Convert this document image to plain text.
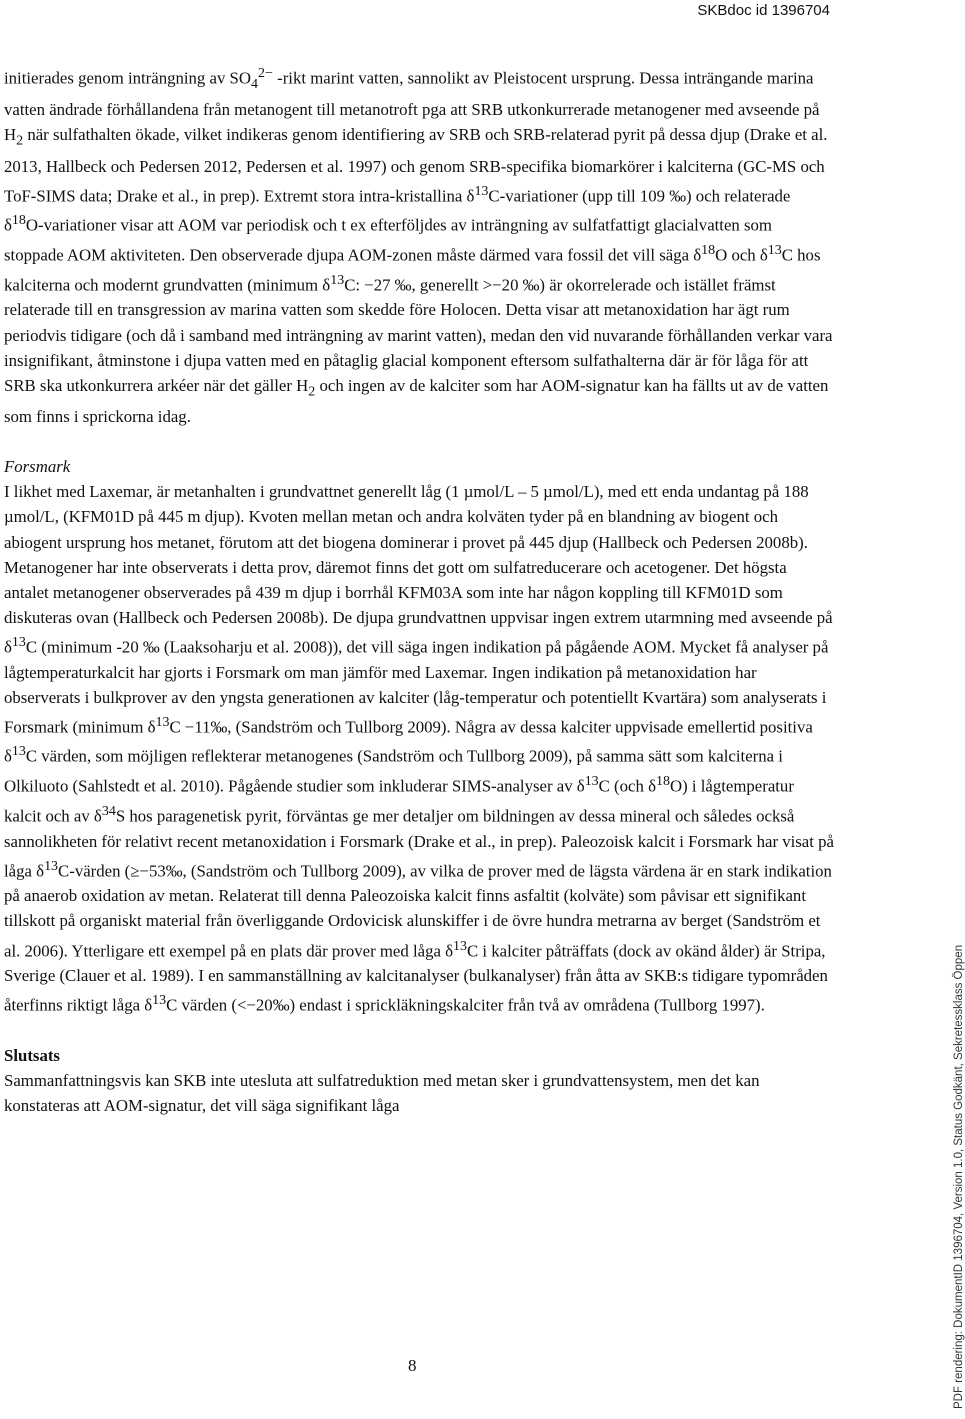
SKBdoc id 1396704

initierades genom inträngning av $SO_4^{2-}$ -rikt marint vatten, sannolikt av Pleistocent ursprung. Dessa inträngande marina vatten ändrade förhållandena från metanogent till metanotroft pga att SRB utkonkurrerade metanogener med avseende på $H_2$ när sulfathalten ökade, vilket indikeras genom identifiering av SRB och SRB-relaterad pyrit på dessa djup (Drake et al. 2013, Hallbeck och Pedersen 2012, Pedersen et al. 1997) och genom SRB-specifika biomarkörer i kalciterna (GC-MS och ToF-SIMS data; Drake et al., in prep). Extremt stora intra-kristallina $\delta^{13}C$-variationer (upp till 109 ‰) och relaterade $\delta^{18}O$-variationer visar att AOM var periodisk och t ex efterföljdes av inträngning av sulfatfattigt glacialvatten som stoppade AOM aktiviteten. Den observerade djupa AOM-zonen måste därmed vara fossil det vill säga $\delta^{18}O$ och $\delta^{13}C$ hos kalciterna och modernt grundvatten (minimum $\delta^{13}C$: −27 ‰, generellt >−20 ‰) är okorrelerade och istället främst relaterade till en transgression av marina vatten som skedde före Holocen. Detta visar att metanoxidation har ägt rum periodvis tidigare (och då i samband med inträngning av marint vatten), medan den vid nuvarande förhållanden verkar vara insignifikant, åtminstone i djupa vatten med en påtaglig glacial komponent eftersom sulfathalterna där är för låga för att SRB ska utkonkurrera arkéer när det gäller $H_2$ och ingen av de kalciter som har AOM-signatur kan ha fällts ut av de vatten som finns i sprickorna idag.

Forsmark

I likhet med Laxemar, är metanhalten i grundvattnet generellt låg (1 µmol/L – 5 µmol/L), med ett enda undantag på 188 µmol/L, (KFM01D på 445 m djup). Kvoten mellan metan och andra kolväten tyder på en blandning av biogent och abiogent ursprung hos metanet, förutom att det biogena dominerar i provet på 445 djup (Hallbeck och Pedersen 2008b). Metanogener har inte observerats i detta prov, däremot finns det gott om sulfatreducerare och acetogener. Det högsta antalet metanogener observerades på 439 m djup i borrhål KFM03A som inte har någon koppling till KFM01D som diskuteras ovan (Hallbeck och Pedersen 2008b). De djupa grundvattnen uppvisar ingen extrem utarmning med avseende på $\delta^{13}C$ (minimum -20 ‰ (Laaksoharju et al. 2008)), det vill säga ingen indikation på pågående AOM. Mycket få analyser på lågtemperaturkalcit har gjorts i Forsmark om man jämför med Laxemar. Ingen indikation på metanoxidation har observerats i bulkprover av den yngsta generationen av kalciter (låg-temperatur och potentiellt Kvartära) som analyserats i Forsmark (minimum $\delta^{13}C$ −11‰, (Sandström och Tullborg 2009). Några av dessa kalciter uppvisade emellertid positiva $\delta^{13}C$ värden, som möjligen reflekterar metanogenes (Sandström och Tullborg 2009), på samma sätt som kalciterna i Olkiluoto (Sahlstedt et al. 2010). Pågående studier som inkluderar SIMS-analyser av $\delta^{13}C$ (och $\delta^{18}O$) i lågtemperatur kalcit och av $\delta^{34}S$ hos paragenetisk pyrit, förväntas ge mer detaljer om bildningen av dessa mineral och således också sannolikheten för relativt recent metanoxidation i Forsmark (Drake et al., in prep). Paleozoisk kalcit i Forsmark har visat på låga $\delta^{13}C$-värden (≥−53‰, (Sandström och Tullborg 2009), av vilka de prover med de lägsta värdena är en stark indikation på anaerob oxidation av metan. Relaterat till denna Paleozoiska kalcit finns asfaltit (kolväte) som påvisar ett signifikant tillskott på organiskt material från överliggande Ordovicisk alunskiffer i de övre hundra metrarna av berget (Sandström et al. 2006). Ytterligare ett exempel på en plats där prover med låga $\delta^{13}C$ i kalciter påträffats (dock av okänd ålder) är Stripa, Sverige (Clauer et al. 1989). I en sammanställning av kalcitanalyser (bulkanalyser) från åtta av SKB:s tidigare typområden återfinns riktigt låga $\delta^{13}C$ värden (<−20‰) endast i sprickläkningskalciter från två av områdena (Tullborg 1997).

Slutsats

Sammanfattningsvis kan SKB inte utesluta att sulfatreduktion med metan sker i grundvattensystem, men det kan konstateras att AOM-signatur, det vill säga signifikant låga

8	PDF rendering: DokumentID 1396704, Version 1.0, Status Godkänt, Sekretessklass Öppen
